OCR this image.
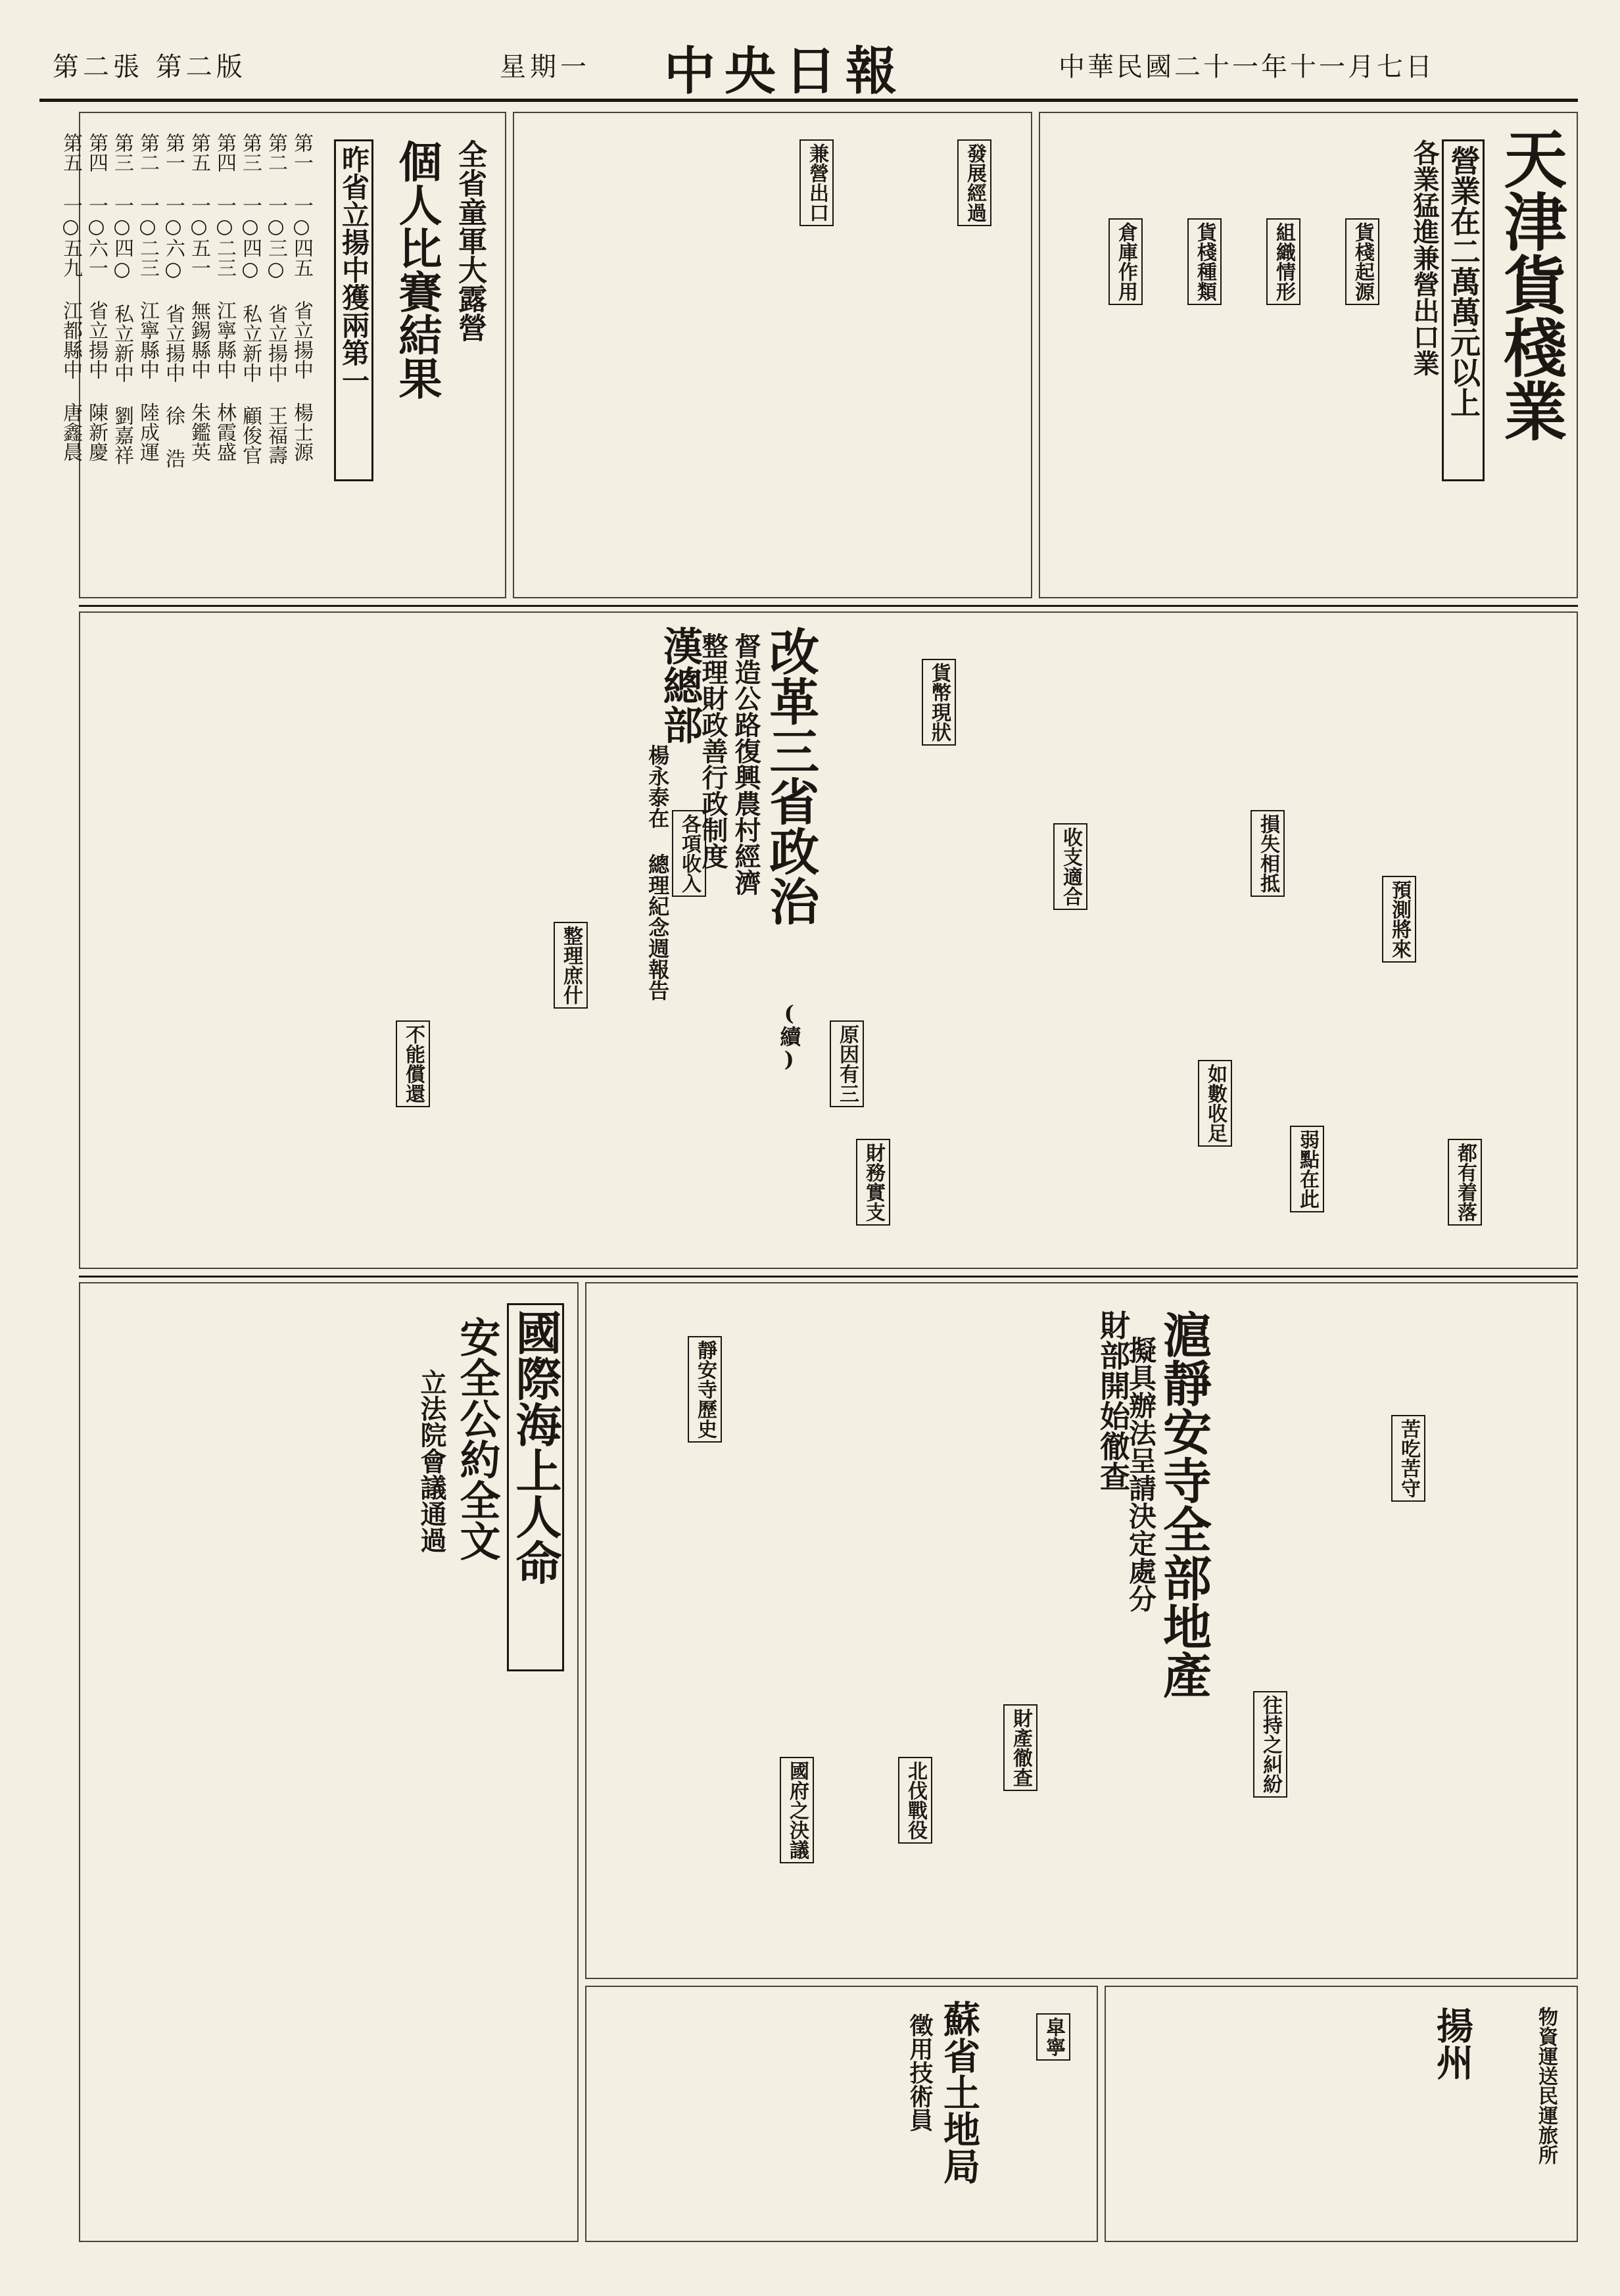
第二張 第二版	星期一 中央日報	中華民國二十一年十一月七日
天津貨棧業
營業在二萬萬元以上
各業猛進兼營出口業
貨棧起源
組織情形
貨棧種類
倉庫作用
發展經過
兼營出口
全省童軍大露營
個人比賽結果
昨省立揚中獲兩第一
第一 一○四五 省立揚中 楊士源
第二 一○三○ 省立揚中 王福壽
第三 一○四○ 私立新中 顧俊官
第四 一○二三 江寧縣中 林霞盛
第五 一○五一 無錫縣中 朱鑑英
第一 一○六○ 省立揚中 徐 浩
第二 一○二三 江寧縣中 陸成運
第三 一○四○ 私立新中 劉嘉祥
第四 一○六一 省立揚中 陳新慶
第五 一○五九 江都縣中 唐鑫晨
漢總部 改革三省政治
(續)
督造公路復興農村經濟
整理財政善行政制度
楊永泰在 總理紀念週報告
貨幣現狀
收支適合
原因有三
各項收入
整理庶什
不能償還
損失相抵
預測將來
財務實支
如數收足
弱點在此	都有着落
國際海上人命
安全公約全文
立法院會議通過	滬靜安寺全部地產
財部開始徹查
擬具辦法呈請決定處分	苦吃苦守
往持之糾紛
財產徹查
北伐戰役
國府之決議
靜安寺歷史
蘇省土地局
徵用技術員	皐寧	揚州	物資運送民運旅所
